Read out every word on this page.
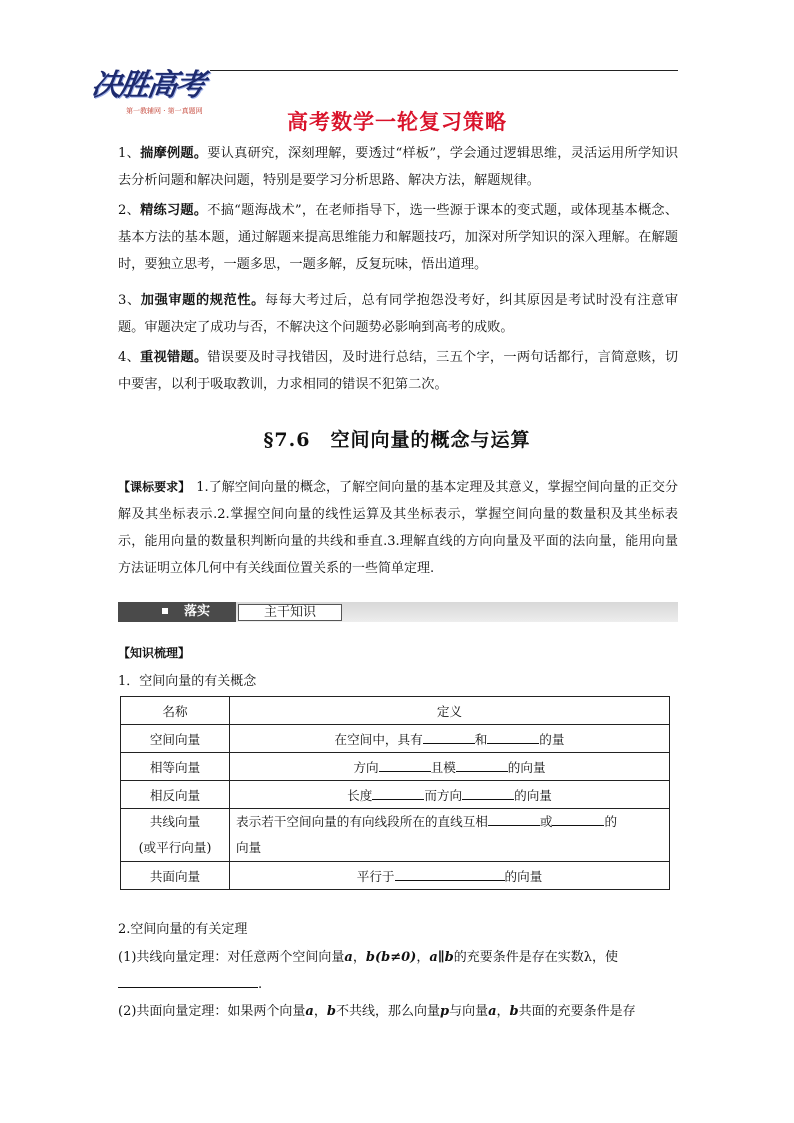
决胜高考
第一教辅网 · 第一真题网	高考数学一轮复习策略
1、揣摩例题。要认真研究，深刻理解，要透过“样板”，学会通过逻辑思维，灵活运用所学知识去分析问题和解决问题，特别是要学习分析思路、解决方法，解题规律。
2、精练习题。不搞“题海战术”，在老师指导下，选一些源于课本的变式题，或体现基本概念、基本方法的基本题，通过解题来提高思维能力和解题技巧，加深对所学知识的深入理解。在解题时，要独立思考，一题多思，一题多解，反复玩味，悟出道理。
3、加强审题的规范性。每每大考过后，总有同学抱怨没考好，纠其原因是考试时没有注意审题。审题决定了成功与否，不解决这个问题势必影响到高考的成败。
4、重视错题。错误要及时寻找错因，及时进行总结，三五个字，一两句话都行，言简意赅，切中要害，以利于吸取教训，力求相同的错误不犯第二次。
§7.6　空间向量的概念与运算
【课标要求】 1.了解空间向量的概念，了解空间向量的基本定理及其意义，掌握空间向量的正交分解及其坐标表示.2.掌握空间向量的线性运算及其坐标表示，掌握空间向量的数量积及其坐标表示，能用向量的数量积判断向量的共线和垂直.3.理解直线的方向向量及平面的法向量，能用向量方法证明立体几何中有关线面位置关系的一些简单定理.
落实	主干知识
【知识梳理】
1．空间向量的有关概念
名称	定义
空间向量	在空间中，具有 和 的量
相等向量	方向 且模 的向量
相反向量	长度 而方向 的向量
共线向量
(或平行向量)	表示若干空间向量的有向线段所在的直线互相 或 的
向量
共面向量	平行于 的向量
2.空间向量的有关定理
(1)共线向量定理：对任意两个空间向量a，b(b≠0)，a∥b的充要条件是存在实数λ，使
.
(2)共面向量定理：如果两个向量a，b不共线，那么向量p与向量a，b共面的充要条件是存
